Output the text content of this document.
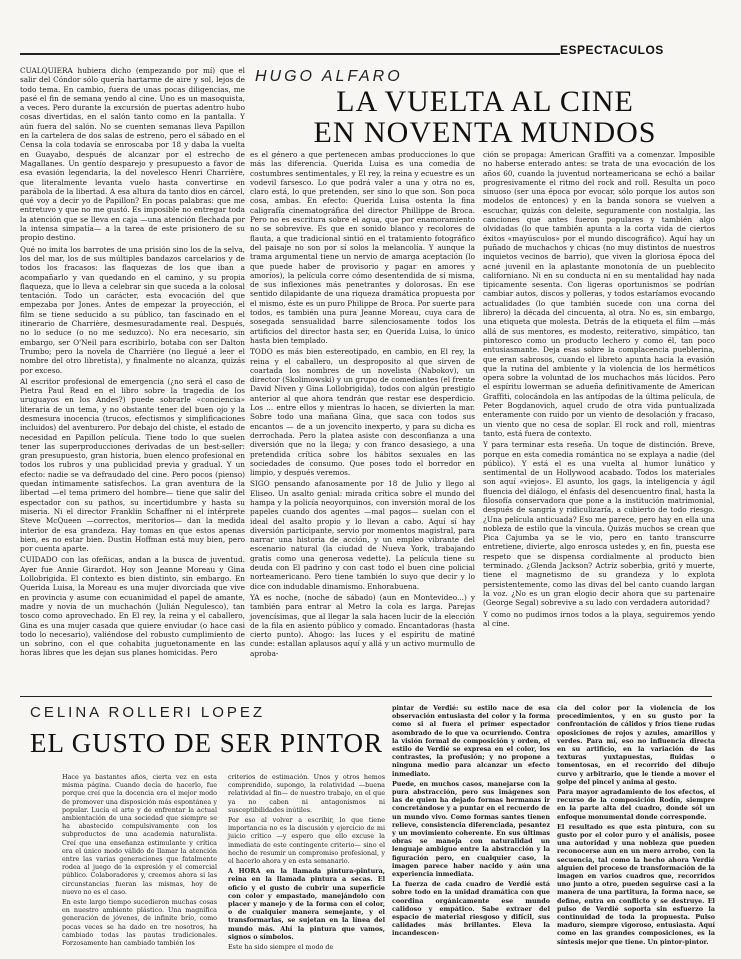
ESPECTACULOS

CUALQUIERA hubiera dicho (empezando por mí) que el salir del Cóndor sólo quería hartarme de aire y sol, lejos de todo tema. En cambio, fuera de unas pocas diligencias, me pasé el fin de semana yendo al cine. Uno es un masoquista, a veces. Pero durante la excursión de puertas adentro hubo cosas divertidas, en el salón tanto como en la pantalla. Y aún fuera del salón. No se cuenten semanas lleva Papillon en la cartelera de dos salas de estreno, pero el sábado en el Censa la cola todavía se enroscaba por 18 y daba la vuelta en Guayabo, después de alcanzar por el estrecho de Magallanes. Un gentío desparejo y presupuesto a favor de esa evasión legendaria, la del novelesco Henri Charrière, que literalmente levanta vuelo hasta convertirse en parábola de la libertad. A esa altura da tanto dios en cárcel, qué voy a decir yo de Papillon? En pocas palabras: que me entretuvo y que no me gustó. Es imposible no entregar toda la atención que se lleva en caja —una atención flechada por la intensa simpatía— a la tarea de este prisionero de su propio destino.

Qué no imita los barrotes de una prisión sino los de la selva, los del mar, los de sus múltiples bandazos carcelarios y de todos los fracasos: las flaquezas de los que iban a acompañarlo y van quedando en el camino, y su propia flaqueza, que lo lleva a celebrar sin que suceda a la colosal tentación. Todo un carácter, esta evocación del que empezaba por Jones. Antes de empezar la proyección, el film se tiene seducido a su público, tan fascinado en el itinerario de Charrière, desmesuradamente real. Después, no lo seduce (o no me seduzco). No era necesario, sin embargo, ser O'Neil para escribirlo, botaba con ser Dalton Trumbo; pero la novela de Charrière (no llegué a leer el nombre del otro libretista), y finalmente no alcanza, quizás por exceso.

Al escritor profesional de emergencia (¿no será el caso de Pietra Paul Read en el libro sobre la tragedia de los uruguayos en los Andes?) puede sobrarle «conciencia» literaria de un tema, y no obstante tener del buen ojo y la desmesura inocencia (trucos, efectismos y simplificaciones incluidos) del aventurero. Por debajo del chiste, el estado de necesidad en Papillon película. Tiene todo lo que suelen tener las superproducciones derivadas de un best-seller: gran presupuesto, gran historia, buen elenco profesional en todos los rubros y una publicidad previa y gradual. Y un efecto: nadie se va defraudado del cine. Pero pocos (pienso) quedan íntimamente satisfechos. La gran aventura de la libertad —el tema primero del hombre— tiene que salir del espectador con su pathos, su incertidumbre y hasta su miseria. Ni el director Franklin Schaffner ni el intérprete Steve McQueen —correctos, meritorios— dan la medida interior de esa grandeza. Hay tomas en que estos apenas bien, es no estar bien. Dustin Hoffman está muy bien, pero por cuenta aparte.

CUIDADO con las ofeñicas, andan a la busca de juventud. Ayer fue Annie Girardot. Hoy son Jeanne Moreau y Gina Lollobrigida. El contexto es bien distinto, sin embargo. En Querida Luisa, la Moreau es una mujer divorciada que vive en provincia y asume con ecuanimidad el papel de amante, madre y novia de un muchachón (Julián Negulesco), tan tosco como aprovechado. En El rey, la reina y el caballero, Gina es una mujer casada que quiere enviudar (o hace casi todo lo necesario), valiéndose del robusto cumplimiento de un sobrino, con el que cohabita juguetonamente en las horas libres que les dejan sus planes homicidas. Pero

HUGO ALFARO
LA VUELTA AL CINE
EN NOVENTA MUNDOS

es el género a que pertenecen ambas producciones lo que más las diferencia. Querida Luisa es una comedia de costumbres sentimentales, y El rey, la reina y ecuestre es un vodevil farsesco. Lo que podrá valer a una y otra no es, claro está, lo que pretenden, ser sino lo que son. Son poca cosa, ambas. En efecto: Querida Luisa ostenta la fina caligrafía cinematográfica del director Phillippe de Broca. Pero no es escritura sobre el agua, que por enamoramiento no se sobrevive. Es que en sonido blanco y recolores de flauta, a que tradicional sintió en el tratamiento fotográfico del paisaje no son por sí solos la melancolía. Y aunque la trama argumental tiene un nervio de amarga aceptación (lo que puede haber de provisorio y pagar en amores y amoríos), la película corre cómo desentendida de sí misma, de sus inflexiones más penetrantes y dolorosas. En ese sentido dilapidante de una riqueza dramática propuesta por el mismo, éste es un puro Philippe de Broca. Por suerte para todos, es también una pura Jeanne Moreau, cuya cara de sosegada sensualidad barre silenciosamente todos los artificios del director hasta ser, en Querida Luisa, lo único hasta bien templado.

TODO es más bien estereotipado, en cambio, en El rey, la reina y el caballero, un desproposito al que sirven de coartada los nombres de un novelista (Nabokov), un director (Skolimowski) y un grupo de comediantes (el frente David Niven y Gina Lollobrigida), todos con algún prestigio anterior al que ahora tendrán que restar ese desperdicio. Los ... entre ellos y mientras lo hacen, se divierten la mar. Sobre todo una mañana Gina, que saca con todos sus encantos — de a un jovencito inexperto, y para su dicha es derrochada. Pero la platea asiste con desconfianza a una diversión que no la llega; y con franco desasiego, a una pretendida crítica sobre los hábitos sexuales en las sociedades de consumo. Que poses todo el borredor en limpio, y después veremos.

SIGO pensando afanosamente por 18 de Julio y llego al Eliseo. Un asalto genial: mirada crítica sobre el mundo del hampa y la policía neoyorquinos, con inversión moral de los papeles cuando dos agentes —mal pagos— suelan con el ideal del asalto propio y lo llevan a cabo. Aquí sí hay diversión participante, servio por momentos magistral, para narrar una historia de acción, y un empleo vibrante del escenario natural (la ciudad de Nueva York, trabajando gratis como una generosa vedette). La película tiene su deuda con El padrino y con cast todo el buen cine policial norteamericano. Pero tiene también lo suyo que decir y lo dice con indudable dinamismo. Enhorabuena.

YA es noche, (noche de sábado) (aun en Montevideo...) y también para entrar al Metro la cola es larga. Parejas jovencísimas, que al llegar la sala hacen lucir de la elección de la fila en asiento público y comado. Encantadoras (hasta cierto punto). Ahogo: las luces y el espíritu de matiné cunde: estallan aplausos aquí y allá y un activo murmullo de aproba-

ción se propaga: American Graffiti va a comenzar. Imposible no haberse enterado antes: se trata de una evocación de los años 60, cuando la juventud norteamericana se echó a bailar progresivamente el ritmo del rock and roll. Resulta un poco sinuoso (ser una época por evocar, sólo porque los autos son modelos de entonces) y en la banda sonora se vuelven a escuchar, quizás con deleite, seguramente con nostalgia, las canciones que antes fueron populares y también algo olvidadas (lo que también apunta a la corta vida de ciertos éxitos «mayúsculos» por el mundo discográfico). Aquí hay un puñado de muchachos y chicas (no muy distintos de nuestros inquietos vecinos de barrio), que viven la gloriosa época del acné juvenil en la aplastante monotonía de un pueblecito californiano. Ni en su conducta ni en su mentalidad hay nada tipicamente sesenta. Con ligeras oportunismos se podrían cambiar autos, discos y polleras, y todos estaríamos evocando actualidades (lo que también sucede con una corna del librero) la década del cincuenta, al otra. No es, sin embargo, una etiqueta que molesta. Detrás de la etiqueta el film —más allá de sus mentores, es modesto, reiterativo, simpático, tan pintoresco como un producto lechero y como él, tan poco entusiasmante. Deja esas sobre la complacencia pueblerina, que eran sabrosos, cuando el libreto apunta hacia la evasión que la rutina del ambiente y la violencia de los herméticos opera sobre la voluntad de los muchachos más lúcidos. Pero el espíritu lowerman se adueña definitivamente de American Graffiti, colocándola en las antípodas de la última película, de Peter Bogdanovich, aquel crudo de otra vida puntualizada enteramente con ruido por un viento de desolación y fracaso, un viento que no cesa de soplar. El rock and roll, mientras tanto, está fuera de contexto.

Y para terminar esta reseña. Un toque de distinción. Breve, porque en esta comedia romántica no se explaya a nadie (del público). Y está el es una vuelta al humor lunático y sentimental de un Hollywood acabado. Todos los materiales son aquí «viejos». El asunto, los gags, la inteligencia y ágil fluencia del diálogo, el énfasis del desencuentro final, hasta la filosofía conservadora que pone a la institución matrimonial, después de sangría y ridiculizaría, a cubierto de todo riesgo. ¿Una película anticuada? Eso me parece, pero hay en ella una nobleza de estilo que la vincula. Quizás muchos se crean que Pica Cajumba ya se le vio, pero en tanto transcurre entretiene, divierte, algo enrosca ustedes y, en fin, puesta ese respeto que se dispensa cordialmente al producto bien terminado. ¿Glenda Jackson? Actriz soberbia, gritó y muerte, tiene el magnetismo de su grandeza y lo explota persistentemente, como las divas del bel canto cuando largan la voz. ¿No es un gran elogio decir ahora que su partenaire (George Segal) sobrevive a su lado con verdadera autoridad?

Y como no pudimos irnos todos a la playa, seguiremos yendo al cine.

CELINA ROLLERI LOPEZ
EL GUSTO DE SER PINTOR

Hace ya bastantes años, cierta vez en esta misma página. Cuando decía de hacerlo, fue porque creí que la docencia era el mejor modo de promover una disposición más espontánea y popular. Lucía el arte y de enfrentar la actual ambientación de una sociedad que siempre se ha abastecido compulsivamente con los subproductos de una academia naturalista. Creí que una enseñanza estimulante y crítica era el único modo válido de llamar la atención entre las varias generaciones que fatalmente rodea al juego de la expresión y el comercial público. Colaboradores y, creemos ahora si las circunstancias fueran las mismas, hoy de nuevo no es el caso.

En este largo tiempo sucedieron muchas cosas en nuestro ambiente plástico. Una magnífica generación de jóvenes, de infinite brío, como pocas veces se ha dado en tre nosotros, ha cambiado todas las pautas tradicionales. Forzosamente han cambiado también los

criterios de estimación. Unos y otros hemos comprendido, supongo, la relatividad —buena relatividad al fin— de nuestro trabajo, en el que ya no caben ni antagonismos ni susceptibilidades inútiles.

Por eso al volver a escribir, lo que tiene importancia no es la discusión y ejercicio de mi juicio crítico —y espero que ello excuse la inmediata de este contingente criterio— sino el hecho de resumir un compromiso profesional, y el hacerlo ahora y en esta semanario.

A HORA en la llamada pintura-pintura, reina en la llamada pintura a secas. El oficio y el gusto de cubrir una superficie con color y empastado, manejándolo con placer y manejo y de la forma con el color, o de cualquier manera semejante, y el transformarlas, se sujetan en la línea del mundo más. Ahí la pintura que vamos, signos o símbolos.

Este ha sido siempre el modo de

pintar de Verdié: su estilo nace de esa observación entusiasta del color y la forma como si al fuera el primer espectador asombrado de lo que va ocurriendo. Contra la visión formal de composición y orden, el estilo de Verdié se expresa en el color, los contrastes, la profusión; y no propone a ninguna medio para alcanzar un efecto inmediato.

Puede, en muchos casos, manejarse con la pura abstracción, pero sus imágenes son las de quien ha dejado formas hermanas ir concretándose y a puntar en el recuerdo de un mundo vivo. Como formas santes tienen relieve, consistencia diferenciada, pesantez y un movimiento coherente. En sus últimas obras se maneja con naturalidad un lenguaje ambiguo entre la abstracción y la figuración pero, en cualquier caso, la imagen parece haber nacido y aún una experiencia inmediata.

La fuerza de cada cuadro de Verdié está sobre todo en la unidad dramática con que coordina orgánicamente ese mundo calidoso y empático. Sabe extraer del espacio de material riesgoso y difícil, sus calidades más brillantes. Eleva la incandescen-

cia del color por la violencia de los procedimientos, y en su gusto por la confrontación de cálidos y fríos tiene rudas oposiciones de rojos y azules, amarillos y verdes. Para mí, eso no influencia directa en su artificio, en la variación de las texturas yuxtapuestas, fluidas o tomentosas, en el recorrido del dibujo curvo y arbitrario, que le tiende a mover el golpe del pincel y anima al gesto.

Para mayor agradamiento de los efectos, el recurso de la composición Rodín, siempre en la parte alta del cuadro, donde sól un enfoque monumental donde corresponde.

El resultado es que esta pintura, con su gusto por el color puro y el análisis, posee una autoridad y una nobleza que pueden reconocerse aun en un mero arrobo, con la secuencia, tal como la hecho ahora Verdié alguien del proceso de transformación de la imagen en varios cuadros que, recorridos uno junto a otro, pueden seguirse casi a la manera de una partitura, la forma nace, se define, entra en conflicto y se destruye. El pulso de Verdié soporta sin esfuerzo la continuidad de toda la propuesta. Pulso maduro, siempre vigoroso, entusiasta. Aquí como en las grandes composiciones, es la síntesis mejor que tiene. Un pintor-pintor.
